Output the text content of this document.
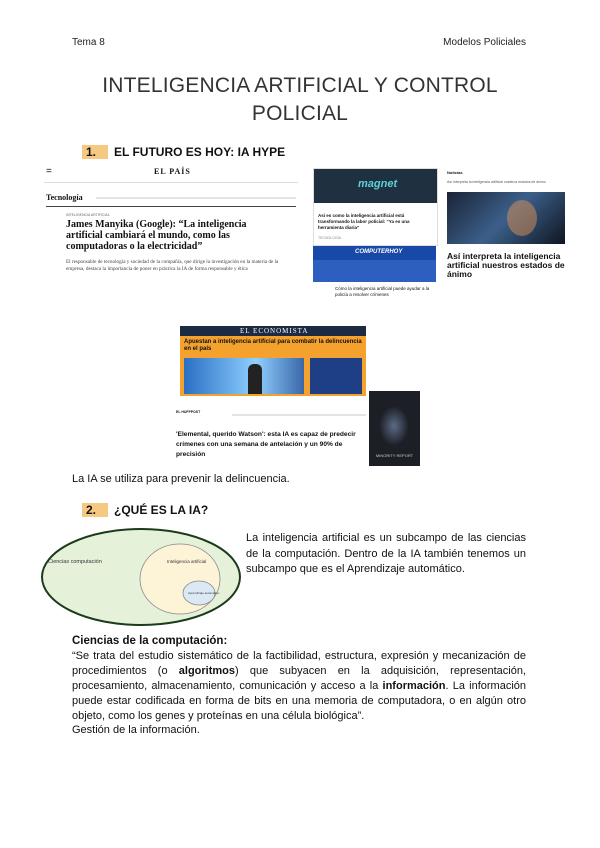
Tema 8	Modelos Policiales
INTELIGENCIA ARTIFICIAL Y CONTROL POLICIAL
1. EL FUTURO ES HOY: IA HYPE
=	EL PAÍS
Tecnología
INTELIGENCIA ARTIFICIAL
James Manyika (Google): “La inteligencia artificial cambiará el mundo, como las computadoras o la electricidad”
El responsable de tecnología y sociedad de la compañía, que dirige la investigación en la materia de la empresa, destaca la importancia de poner en práctica la IA de forma responsable y ética
magnet
Así es como la inteligencia artificial está transformando la labor policial: “Ya es una herramienta diaria”
TECNOLOGÍA
COMPUTERHOY
Cómo la inteligencia artificial puede ayudar a la policía a resolver crímenes
Noticias
Así interpreta la inteligencia artificial nuestros estados de ánimo
Así interpreta la inteligencia artificial nuestros estados de ánimo
EL ECONOMISTA
Apuestan a inteligencia artificial para combatir la delincuencia en el país
EL HUFFPOST
'Elemental, querido Watson': esta IA es capaz de predecir crímenes con una semana de antelación y un 90% de precisión	MINORITY REPORT

La IA se utiliza para prevenir la delincuencia.

2. ¿QUÉ ES LA IA?
Ciencias computación	Inteligencia artificial
Aprendizaje automático

La inteligencia artificial es un subcampo de las ciencias de la computación. Dentro de la IA también tenemos un subcampo que es el Aprendizaje automático.

Ciencias de la computación:

“Se trata del estudio sistemático de la factibilidad, estructura, expresión y mecanización de procedimientos (o algoritmos) que subyacen en la adquisición, representación, procesamiento, almacenamiento, comunicación y acceso a la información. La información puede estar codificada en forma de bits en una memoria de computadora, o en algún otro objeto, como los genes y proteínas en una célula biológica”.

Gestión de la información.
